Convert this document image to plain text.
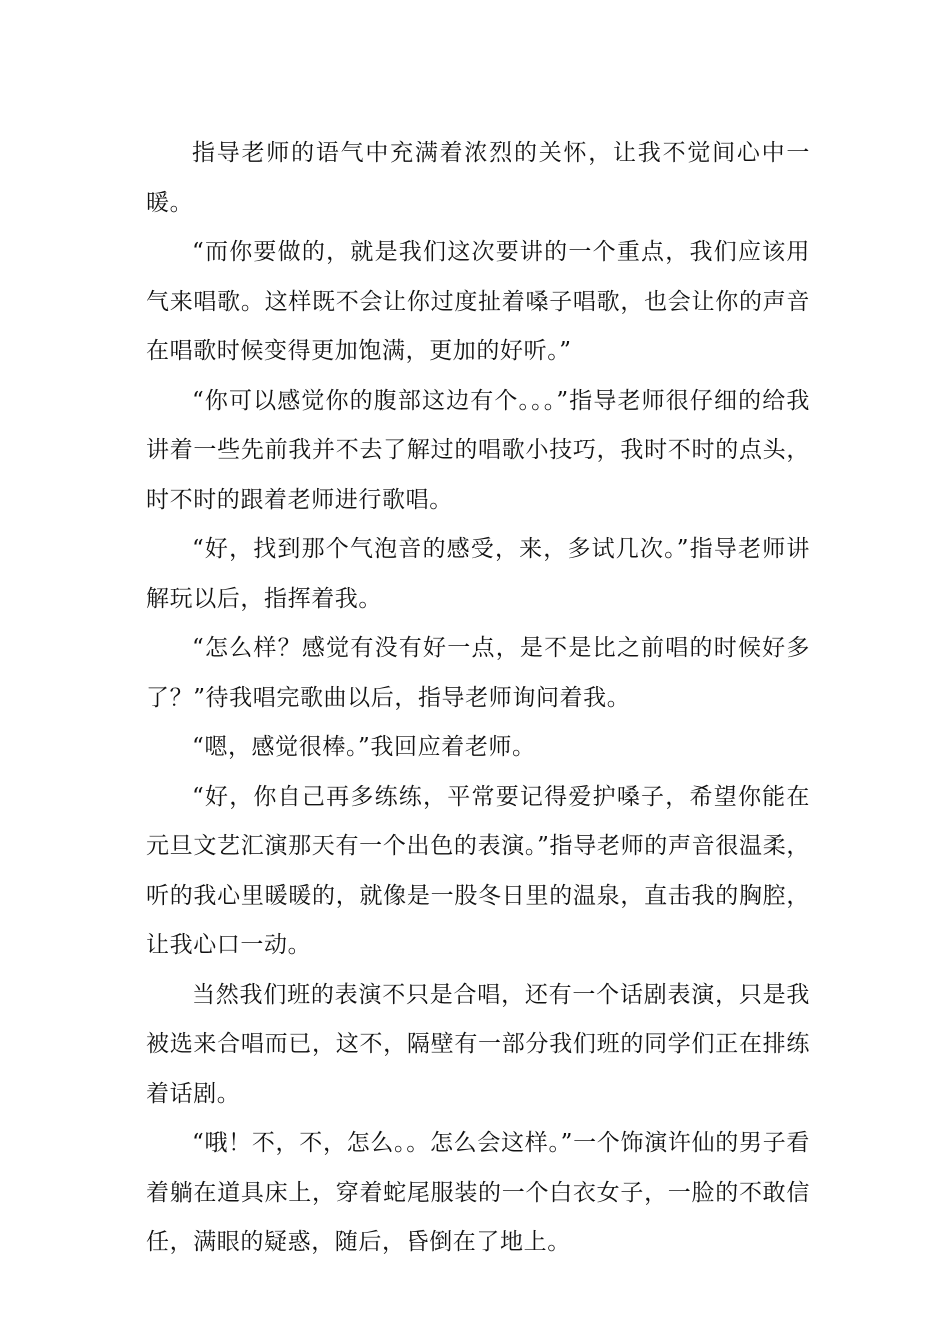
指导老师的语气中充满着浓烈的关怀，让我不觉间心中一暖。

“而你要做的，就是我们这次要讲的一个重点，我们应该用气来唱歌。这样既不会让你过度扯着嗓子唱歌，也会让你的声音在唱歌时候变得更加饱满，更加的好听。”

“你可以感觉你的腹部这边有个。。。”指导老师很仔细的给我讲着一些先前我并不去了解过的唱歌小技巧，我时不时的点头，时不时的跟着老师进行歌唱。

“好，找到那个气泡音的感受，来，多试几次。”指导老师讲解玩以后，指挥着我。

“怎么样？感觉有没有好一点，是不是比之前唱的时候好多了？”待我唱完歌曲以后，指导老师询问着我。

“嗯，感觉很棒。”我回应着老师。

“好，你自己再多练练，平常要记得爱护嗓子，希望你能在元旦文艺汇演那天有一个出色的表演。”指导老师的声音很温柔，听的我心里暖暖的，就像是一股冬日里的温泉，直击我的胸腔，让我心口一动。

当然我们班的表演不只是合唱，还有一个话剧表演，只是我被选来合唱而已，这不，隔壁有一部分我们班的同学们正在排练着话剧。

“哦！不，不，怎么。。怎么会这样。”一个饰演许仙的男子看着躺在道具床上，穿着蛇尾服装的一个白衣女子，一脸的不敢信任，满眼的疑惑，随后，昏倒在了地上。
